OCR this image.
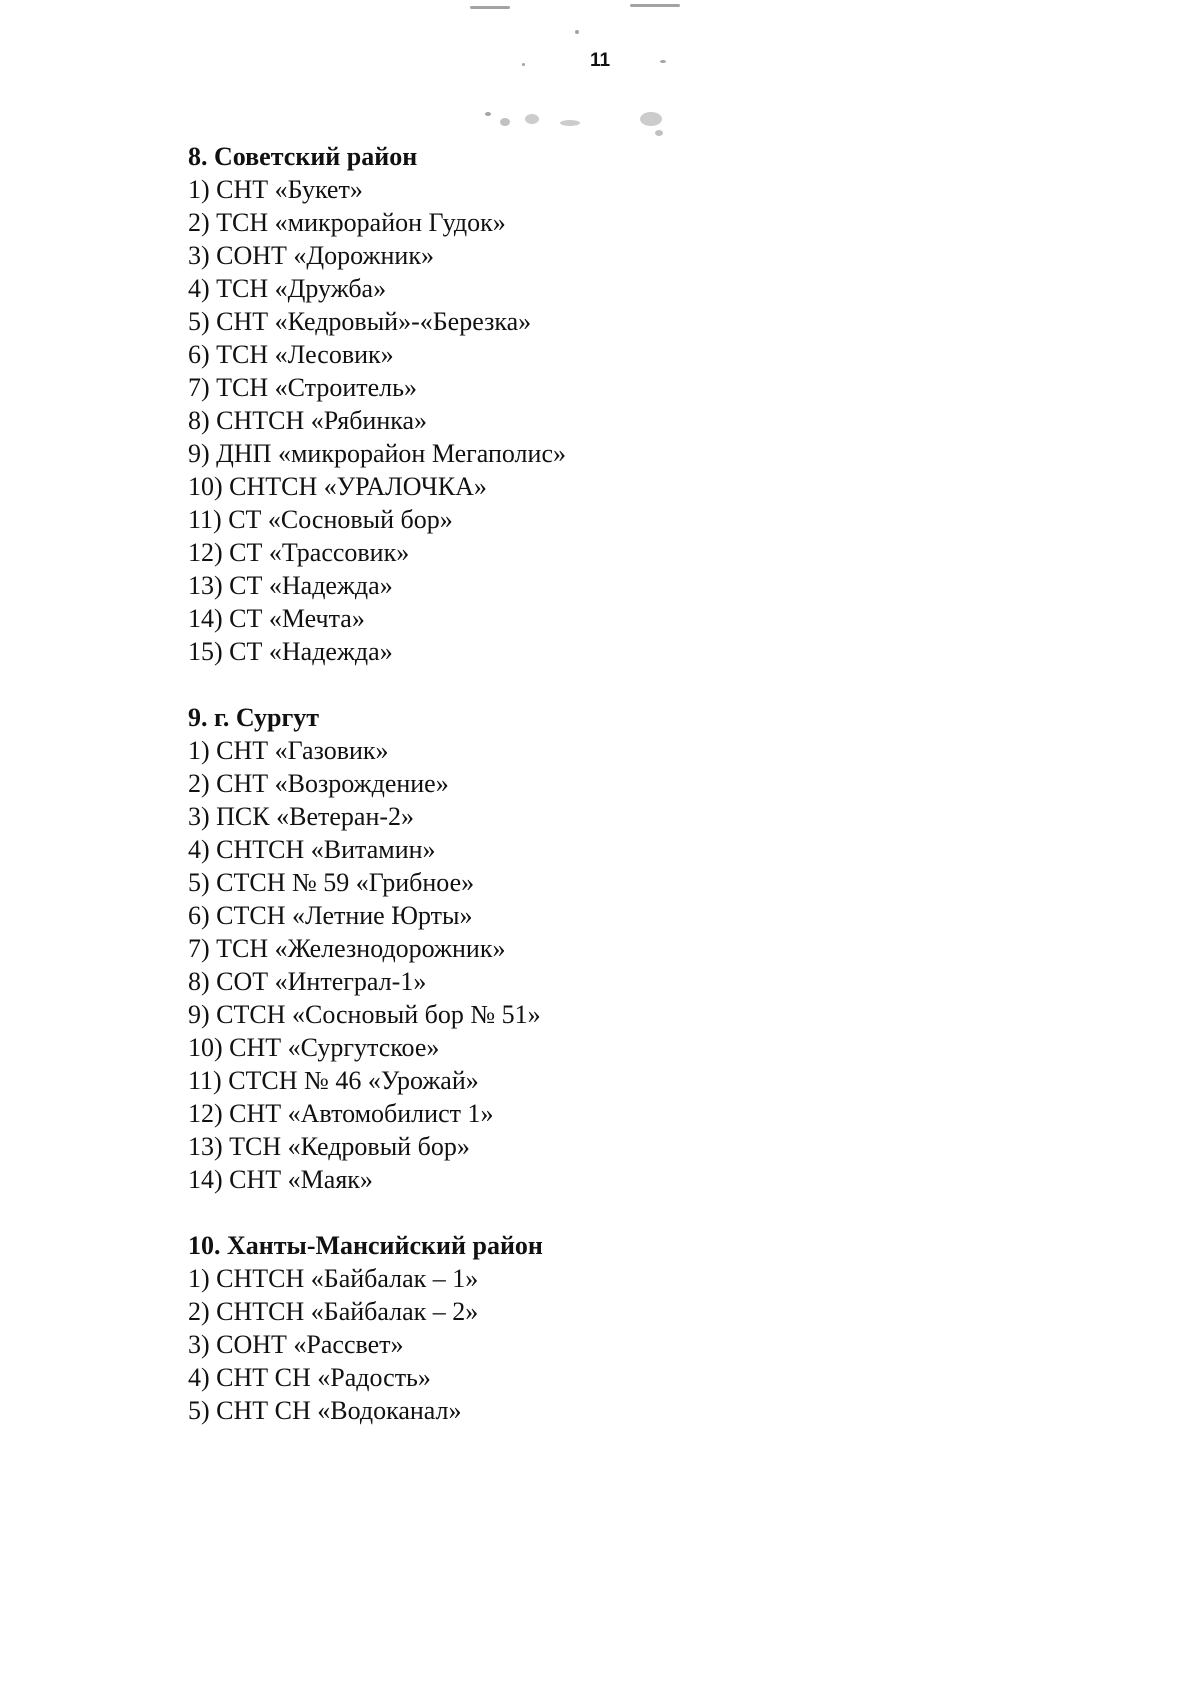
11

8. Советский район

1) СНТ «Букет»

2) ТСН «микрорайон Гудок»

3) СОНТ «Дорожник»

4) ТСН «Дружба»

5) СНТ «Кедровый»-«Березка»

6) ТСН «Лесовик»

7) ТСН «Строитель»

8) СНТСН «Рябинка»

9) ДНП «микрорайон Мегаполис»

10) СНТСН «УРАЛОЧКА»

11) СТ «Сосновый бор»

12) СТ «Трассовик»

13) СТ «Надежда»

14) СТ «Мечта»

15) СТ «Надежда»

9. г. Сургут

1) СНТ «Газовик»

2) СНТ «Возрождение»

3) ПСК «Ветеран-2»

4) СНТСН «Витамин»

5) СТСН № 59 «Грибное»

6) СТСН «Летние Юрты»

7) ТСН «Железнодорожник»

8) СОТ «Интеграл-1»

9) СТСН «Сосновый бор № 51»

10) СНТ «Сургутское»

11) СТСН № 46 «Урожай»

12) СНТ «Автомобилист 1»

13) ТСН «Кедровый бор»

14) СНТ «Маяк»

10. Ханты-Мансийский район

1) СНТСН «Байбалак – 1»

2) СНТСН «Байбалак – 2»

3) СОНТ «Рассвет»

4) СНТ СН «Радость»

5) СНТ СН «Водоканал»
